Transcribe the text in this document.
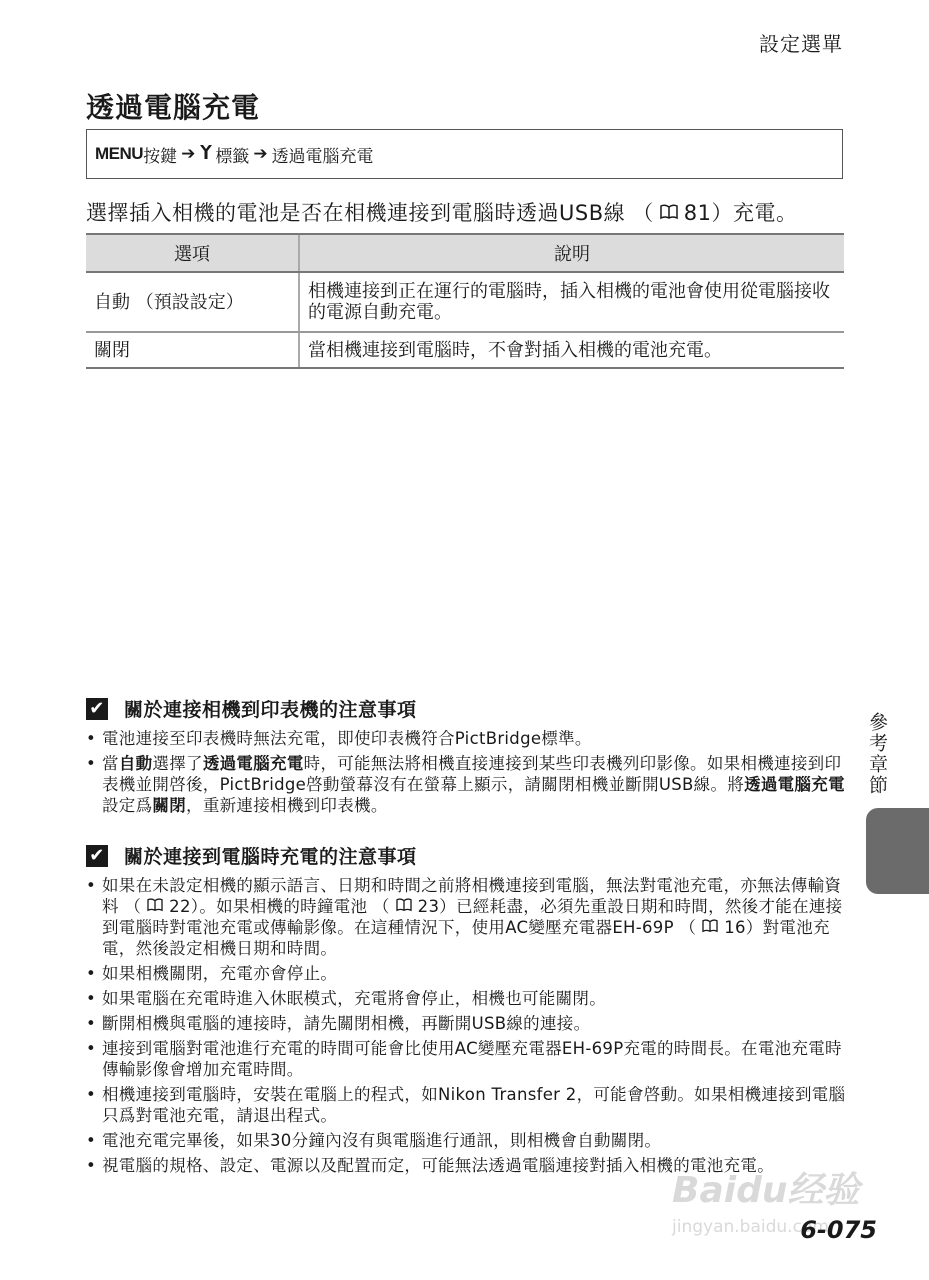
設定選單
透過電腦充電
MENU 按鍵 ➔ 標籤 ➔ 透過電腦充電
選擇插入相機的電池是否在相機連接到電腦時透過USB線 （ 81）充電。
選項	說明
自動 （預設設定）	相機連接到正在運行的電腦時，插入相機的電池會使用從電腦接收的電源自動充電。
關閉	當相機連接到電腦時，不會對插入相機的電池充電。
✔ 關於連接相機到印表機的注意事項
• 電池連接至印表機時無法充電，即使印表機符合PictBridge標準。
• 當自動選擇了透過電腦充電時，可能無法將相機直接連接到某些印表機列印影像。如果相機連接到印表機並開啓後，PictBridge啓動螢幕沒有在螢幕上顯示，請關閉相機並斷開USB線。將透過電腦充電設定爲關閉，重新連接相機到印表機。
✔ 關於連接到電腦時充電的注意事項
• 如果在未設定相機的顯示語言、日期和時間之前將相機連接到電腦，無法對電池充電，亦無法傳輸資料 （ 22）。如果相機的時鐘電池 （ 23）已經耗盡，必須先重設日期和時間，然後才能在連接到電腦時對電池充電或傳輸影像。在這種情況下，使用AC變壓充電器EH-69P （ 16）對電池充電，然後設定相機日期和時間。
• 如果相機關閉，充電亦會停止。
• 如果電腦在充電時進入休眠模式，充電將會停止，相機也可能關閉。
• 斷開相機與電腦的連接時，請先關閉相機，再斷開USB線的連接。
• 連接到電腦對電池進行充電的時間可能會比使用AC變壓充電器EH-69P充電的時間長。在電池充電時傳輸影像會增加充電時間。
• 相機連接到電腦時，安裝在電腦上的程式，如Nikon Transfer 2，可能會啓動。如果相機連接到電腦只爲對電池充電，請退出程式。
• 電池充電完畢後，如果30分鐘內沒有與電腦進行通訊，則相機會自動關閉。
• 視電腦的規格、設定、電源以及配置而定，可能無法透過電腦連接對插入相機的電池充電。
參考章節
Baidu经验
jingyan.baidu.com
6-075
